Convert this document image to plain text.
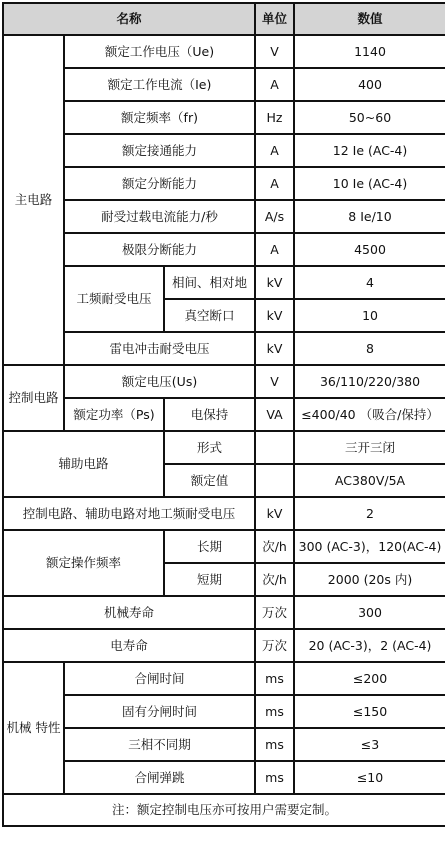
名称			单位	数值
主电路	额定工作电压（Ue)		V	1140
	额定工作电流（Ie)		A	400
	额定频率（fr)		Hz	50~60
	额定接通能力		A	12 Ie (AC-4)
	额定分断能力		A	10 Ie (AC-4)
	耐受过载电流能力/秒		A/s	8 Ie/10
	极限分断能力		A	4500
	工频耐受电压	相间、相对地	kV	4
		真空断口	kV	10
	雷电冲击耐受电压		kV	8
控制电路	额定电压(Us)		V	36/110/220/380
	额定功率（Ps)	电保持	VA	≤400/40 （吸合/保持）
辅助电路		形式		三开三闭
		额定值		AC380V/5A
控制电路、辅助电路对地工频耐受电压			kV	2
额定操作频率		长期	次/h	300 (AC-3)，120(AC-4)
		短期	次/h	2000 (20s 内)
机械寿命			万次	300
电寿命			万次	20 (AC-3)，2 (AC-4)
机械 特性	合闸时间		ms	≤200
	固有分闸时间		ms	≤150
	三相不同期		ms	≤3
	合闸弹跳		ms	≤10
注：额定控制电压亦可按用户需要定制。				
